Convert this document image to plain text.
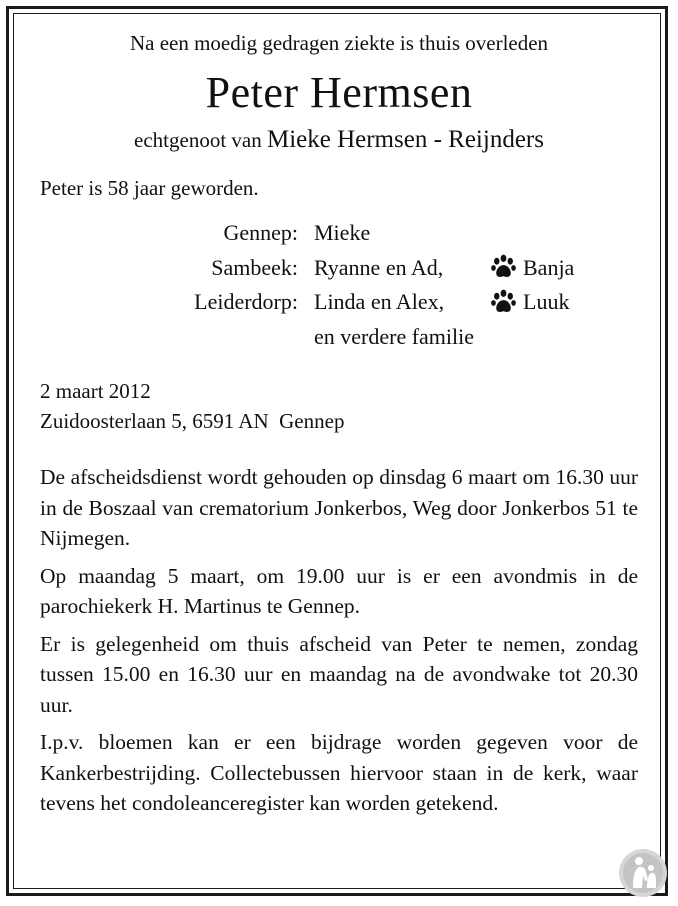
Na een moedig gedragen ziekte is thuis overleden

Peter Hermsen

echtgenoot van Mieke Hermsen - Reijnders

Peter is 58 jaar geworden.

Gennep: Mieke
Sambeek: Ryanne en Ad,	Banja
Leiderdorp: Linda en Alex,	Luuk
en verdere familie
2 maart 2012
Zuidoosterlaan 5, 6591 AN  Gennep

De afscheidsdienst wordt gehouden op dinsdag 6 maart om 16.30 uur in de Boszaal van crematorium Jonkerbos, Weg door Jonkerbos 51 te Nijmegen.

Op maandag 5 maart, om 19.00 uur is er een avondmis in de parochiekerk H. Martinus te Gennep.

Er is gelegenheid om thuis afscheid van Peter te nemen, zondag tussen 15.00 en 16.30 uur en maandag na de avondwake tot 20.30 uur.

I.p.v. bloemen kan er een bijdrage worden gegeven voor de Kankerbestrijding. Collectebussen hiervoor staan in de kerk, waar tevens het condoleanceregister kan worden getekend.
